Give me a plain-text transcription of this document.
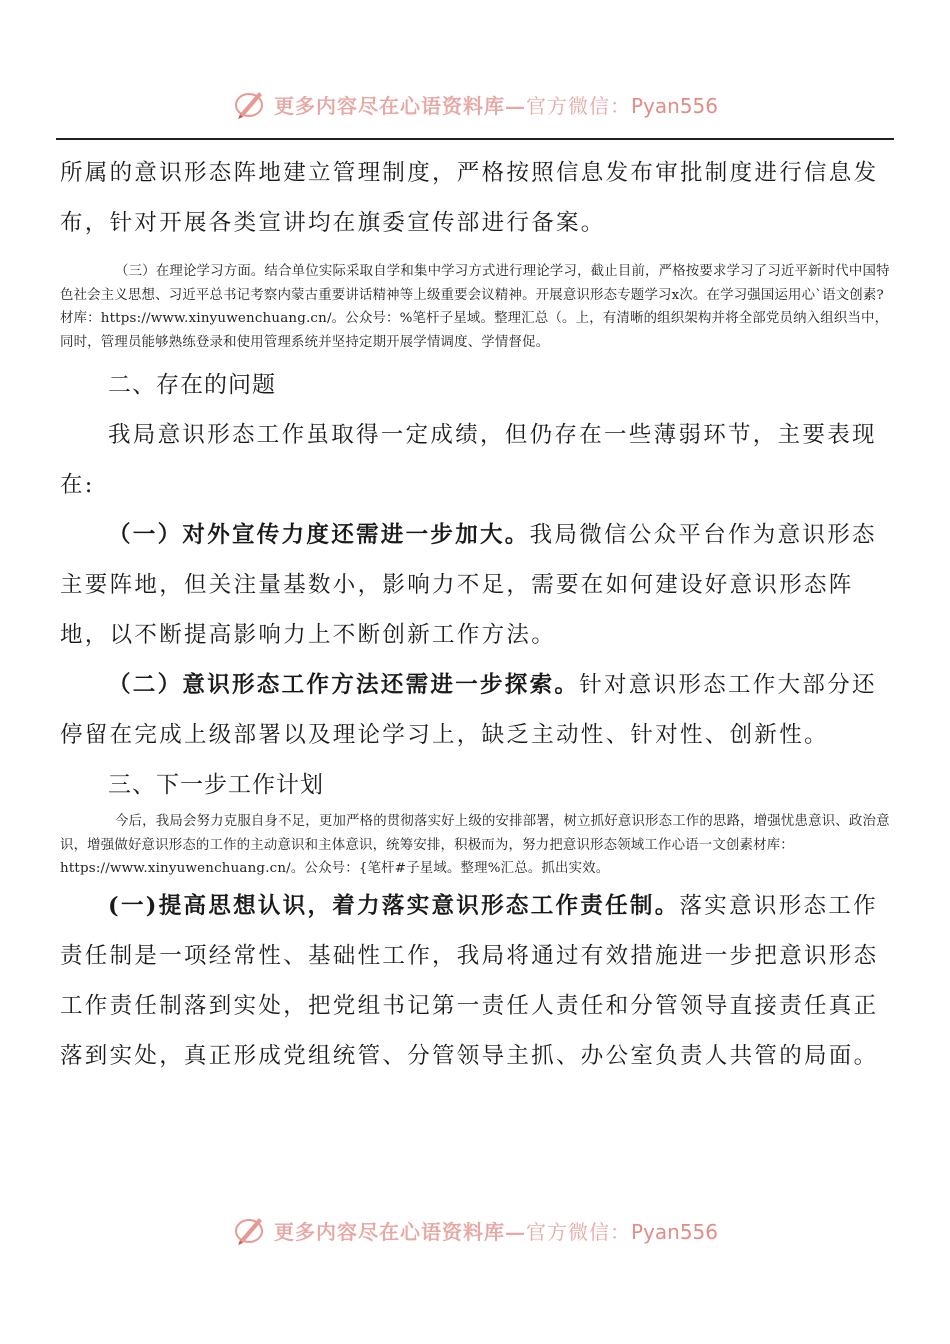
更多内容尽在心语资料库—官方微信：Pyan556

所属的意识形态阵地建立管理制度，严格按照信息发布审批制度进行信息发布，针对开展各类宣讲均在旗委宣传部进行备案。

（三）在理论学习方面。结合单位实际采取自学和集中学习方式进行理论学习，截止目前，严格按要求学习了习近平新时代中国特色社会主义思想、习近平总书记考察内蒙古重要讲话精神等上级重要会议精神。开展意识形态专题学习x次。在学习强国运用心`语文创素?材库：https://www.xinyuwenchuang.cn/。公众号：%笔杆子星域。整理汇总（。上，有清晰的组织架构并将全部党员纳入组织当中，同时，管理员能够熟练登录和使用管理系统并坚持定期开展学情调度、学情督促。

二、存在的问题

我局意识形态工作虽取得一定成绩，但仍存在一些薄弱环节，主要表现在:

（一）对外宣传力度还需进一步加大。我局微信公众平台作为意识形态主要阵地，但关注量基数小，影响力不足，需要在如何建设好意识形态阵地，以不断提高影响力上不断创新工作方法。

（二）意识形态工作方法还需进一步探索。针对意识形态工作大部分还停留在完成上级部署以及理论学习上，缺乏主动性、针对性、创新性。

三、下一步工作计划

今后，我局会努力克服自身不足，更加严格的贯彻落实好上级的安排部署，树立抓好意识形态工作的思路，增强忧患意识、政治意识，增强做好意识形态的工作的主动意识和主体意识，统筹安排，积极而为，努力把意识形态领域工作心语一文创素材库：https://www.xinyuwenchuang.cn/。公众号：{笔杆#子星域。整理%汇总。抓出实效。

(一)提高思想认识，着力落实意识形态工作责任制。落实意识形态工作责任制是一项经常性、基础性工作，我局将通过有效措施进一步把意识形态工作责任制落到实处，把党组书记第一责任人责任和分管领导直接责任真正落到实处，真正形成党组统管、分管领导主抓、办公室负责人共管的局面。

更多内容尽在心语资料库—官方微信：Pyan556
